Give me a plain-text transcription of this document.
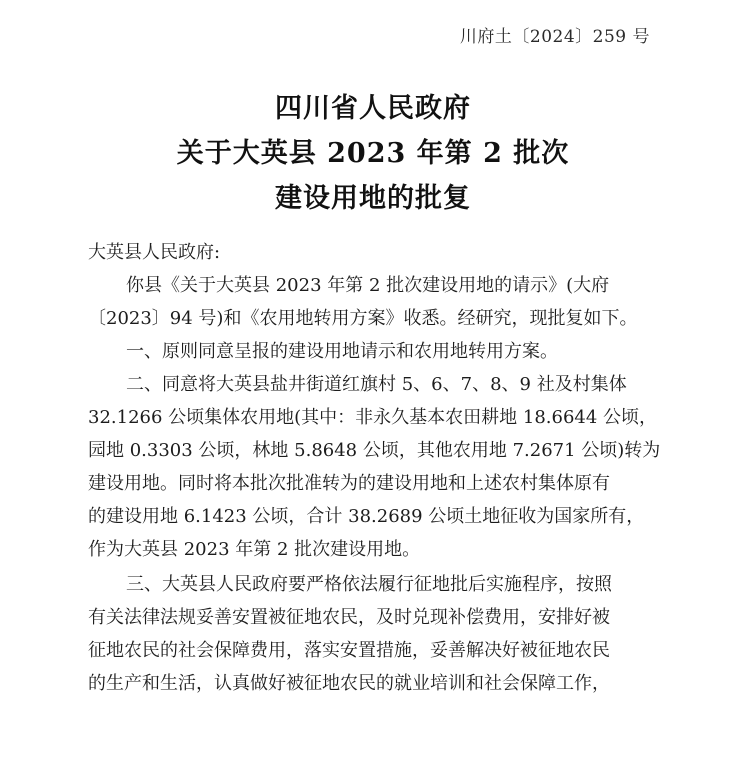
川府土〔2024〕259 号
四川省人民政府
关于大英县 2023 年第 2 批次
建设用地的批复

大英县人民政府:

你县《关于大英县 2023 年第 2 批次建设用地的请示》(大府

〔2023〕94 号)和《农用地转用方案》收悉。经研究，现批复如下。

一、原则同意呈报的建设用地请示和农用地转用方案。

二、同意将大英县盐井街道红旗村 5、6、7、8、9 社及村集体

32.1266 公顷集体农用地(其中：非永久基本农田耕地 18.6644 公顷，

园地 0.3303 公顷，林地 5.8648 公顷，其他农用地 7.2671 公顷)转为

建设用地。同时将本批次批准转为的建设用地和上述农村集体原有

的建设用地 6.1423 公顷，合计 38.2689 公顷土地征收为国家所有，

作为大英县 2023 年第 2 批次建设用地。

三、大英县人民政府要严格依法履行征地批后实施程序，按照

有关法律法规妥善安置被征地农民，及时兑现补偿费用，安排好被

征地农民的社会保障费用，落实安置措施，妥善解决好被征地农民

的生产和生活，认真做好被征地农民的就业培训和社会保障工作，
